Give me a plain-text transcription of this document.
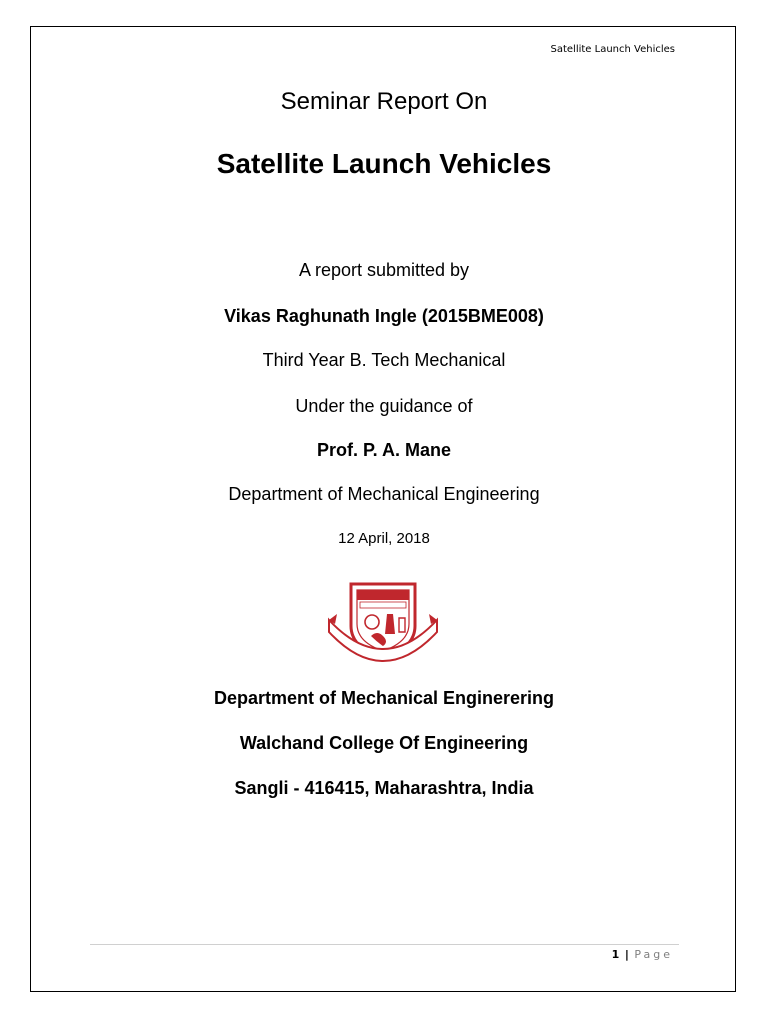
Satellite Launch Vehicles
Seminar Report On
Satellite Launch Vehicles
A report submitted by
Vikas Raghunath Ingle (2015BME008)
Third Year B. Tech Mechanical
Under the guidance of
Prof. P. A. Mane
Department of Mechanical Engineering
12 April, 2018
Department of Mechanical Enginerering
Walchand College Of Engineering
Sangli - 416415, Maharashtra, India
1 | Page
